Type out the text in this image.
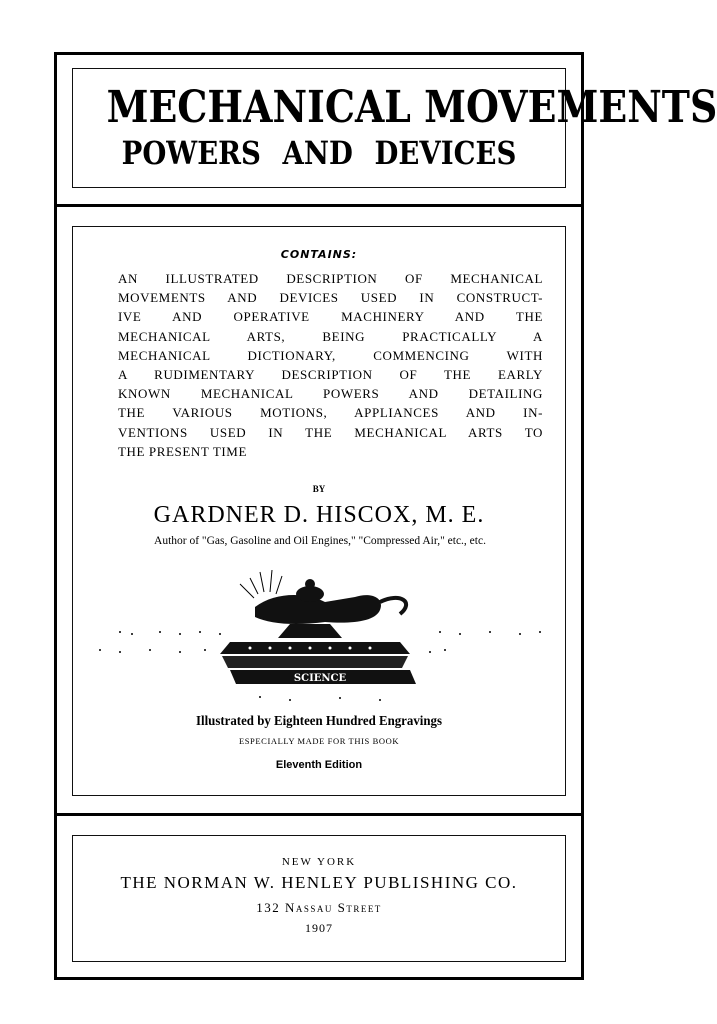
MECHANICAL MOVEMENTS
POWERS AND DEVICES
CONTAINS:
AN ILLUSTRATED DESCRIPTION OF MECHANICAL
MOVEMENTS AND DEVICES USED IN CONSTRUCT-
IVE AND OPERATIVE MACHINERY AND THE
MECHANICAL ARTS, BEING PRACTICALLY A
MECHANICAL DICTIONARY, COMMENCING WITH
A RUDIMENTARY DESCRIPTION OF THE EARLY
KNOWN MECHANICAL POWERS AND DETAILING
THE VARIOUS MOTIONS, APPLIANCES AND IN-
VENTIONS USED IN THE MECHANICAL ARTS TO
THE PRESENT TIME
BY
GARDNER D. HISCOX, M. E.
Author of "Gas, Gasoline and Oil Engines," "Compressed Air," etc., etc.
SCIENCE
Illustrated by Eighteen Hundred Engravings
ESPECIALLY MADE FOR THIS BOOK
Eleventh Edition
NEW YORK
THE NORMAN W. HENLEY PUBLISHING CO.
132 Nassau Street
1907
